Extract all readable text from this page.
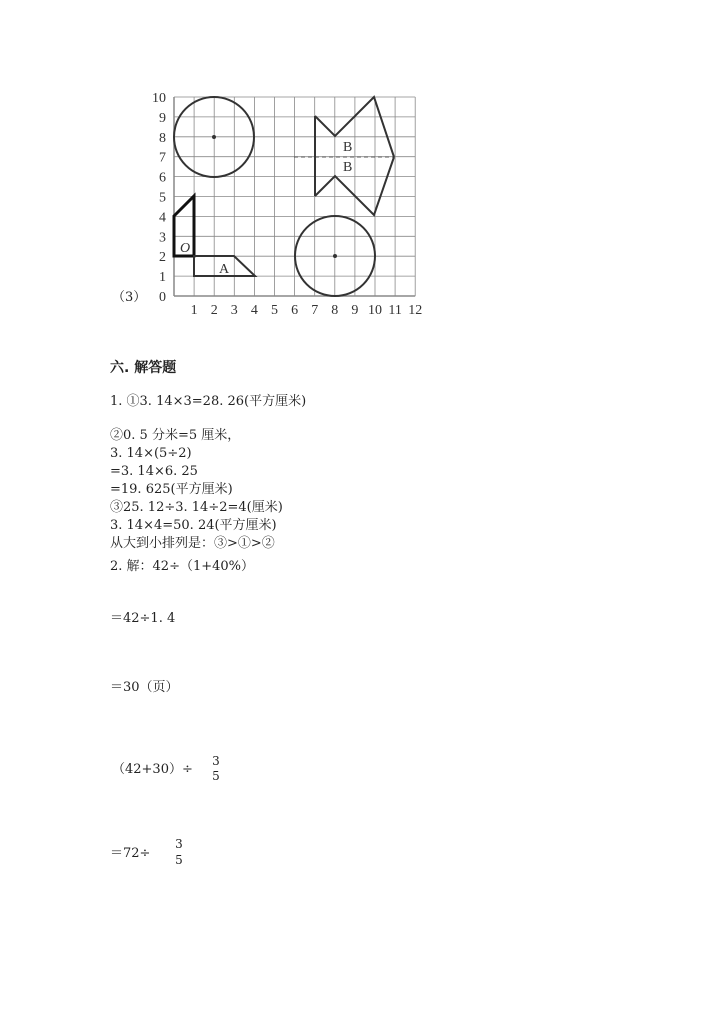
（3）
1 2 3 4 5 6 7 8 9 10 11 12
0
1
2
3
4
5
6
7
8
9
10
B
B
A
O
六. 解答题
1. ①3. 14×3=28. 26(平方厘米)
②0. 5 分米=5 厘米，
3. 14×(5÷2)
=3. 14×6. 25
=19. 625(平方厘米)
③25. 12÷3. 14÷2=4(厘米)
3. 14×4=50. 24(平方厘米)
从大到小排列是：③>①>②
2. 解：42÷（1+40%）
＝42÷1. 4
＝30（页）
（42+30）÷
3
5
＝72÷
3
5
